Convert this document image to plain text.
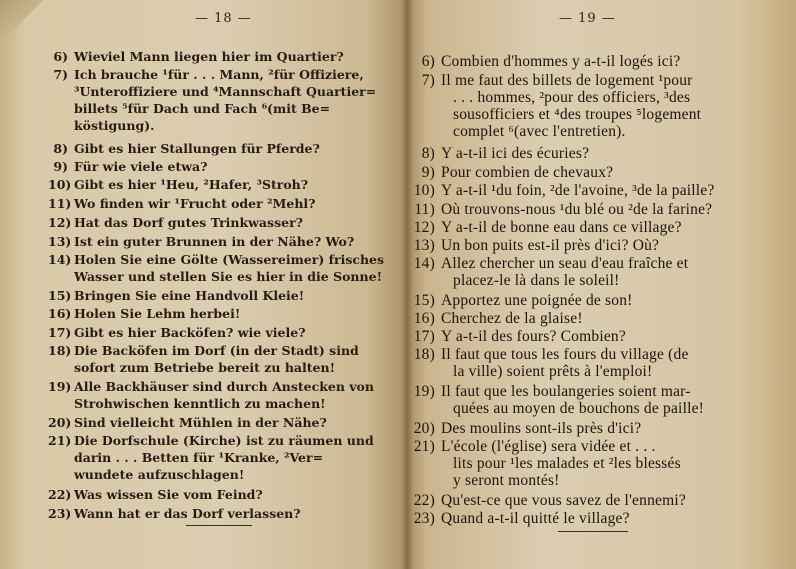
— 18 —
6) Wieviel Mann liegen hier im Quartier?
7) Ich brauche ¹für . . . Mann, ²für Offiziere,
³Unteroffiziere und ⁴Mannschaft Quartier=
billets ⁵für Dach und Fach ⁶(mit Be=
köstigung).
8) Gibt es hier Stallungen für Pferde?
9) Für wie viele etwa?
10) Gibt es hier ¹Heu, ²Hafer, ³Stroh?
11) Wo finden wir ¹Frucht oder ²Mehl?
12) Hat das Dorf gutes Trinkwasser?
13) Ist ein guter Brunnen in der Nähe? Wo?
14) Holen Sie eine Gölte (Wassereimer) frisches
Wasser und stellen Sie es hier in die Sonne!
15) Bringen Sie eine Handvoll Kleie!
16) Holen Sie Lehm herbei!
17) Gibt es hier Backöfen? wie viele?
18) Die Backöfen im Dorf (in der Stadt) sind
sofort zum Betriebe bereit zu halten!
19) Alle Backhäuser sind durch Anstecken von
Strohwischen kenntlich zu machen!
20) Sind vielleicht Mühlen in der Nähe?
21) Die Dorfschule (Kirche) ist zu räumen und
darin . . . Betten für ¹Kranke, ²Ver=
wundete aufzuschlagen!
22) Was wissen Sie vom Feind?
23) Wann hat er das Dorf verlassen?
— 19 —
6) Combien d'hommes y a-t-il logés ici?
7) Il me faut des billets de logement ¹pour
. . . hommes, ²pour des officiers, ³des
sousofficiers et ⁴des troupes ⁵logement
complet ⁶(avec l'entretien).
8) Y a-t-il ici des écuries?
9) Pour combien de chevaux?
10) Y a-t-il ¹du foin, ²de l'avoine, ³de la paille?
11) Où trouvons-nous ¹du blé ou ²de la farine?
12) Y a-t-il de bonne eau dans ce village?
13) Un bon puits est-il près d'ici? Où?
14) Allez chercher un seau d'eau fraîche et
placez-le là dans le soleil!
15) Apportez une poignée de son!
16) Cherchez de la glaise!
17) Y a-t-il des fours? Combien?
18) Il faut que tous les fours du village (de
la ville) soient prêts à l'emploi!
19) Il faut que les boulangeries soient mar-
quées au moyen de bouchons de paille!
20) Des moulins sont-ils près d'ici?
21) L'école (l'église) sera vidée et . . .
lits pour ¹les malades et ²les blessés
y seront montés!
22) Qu'est-ce que vous savez de l'ennemi?
23) Quand a-t-il quitté le village?
